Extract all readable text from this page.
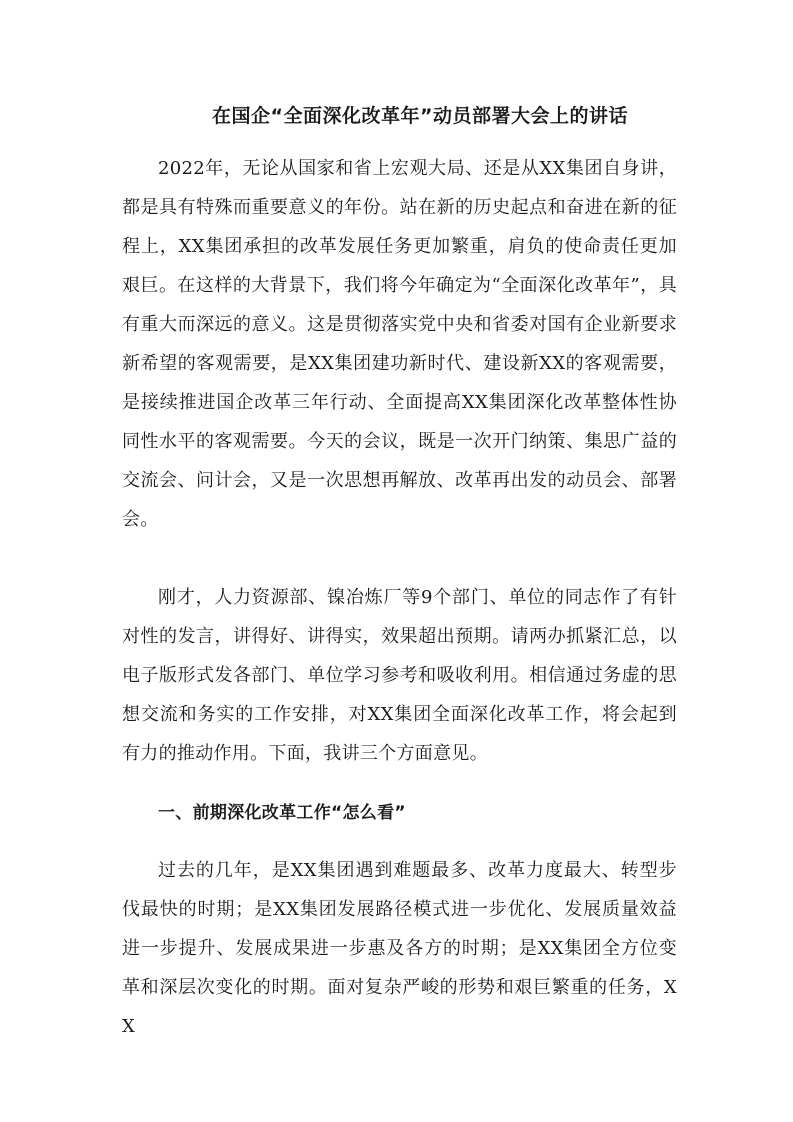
在国企“全面深化改革年”动员部署大会上的讲话

2022年，无论从国家和省上宏观大局、还是从XX集团自身讲，都是具有特殊而重要意义的年份。站在新的历史起点和奋进在新的征程上，XX集团承担的改革发展任务更加繁重，肩负的使命责任更加艰巨。在这样的大背景下，我们将今年确定为“全面深化改革年”，具有重大而深远的意义。这是贯彻落实党中央和省委对国有企业新要求新希望的客观需要，是XX集团建功新时代、建设新XX的客观需要，是接续推进国企改革三年行动、全面提高XX集团深化改革整体性协同性水平的客观需要。今天的会议，既是一次开门纳策、集思广益的交流会、问计会，又是一次思想再解放、改革再出发的动员会、部署会。

刚才，人力资源部、镍冶炼厂等9个部门、单位的同志作了有针对性的发言，讲得好、讲得实，效果超出预期。请两办抓紧汇总，以电子版形式发各部门、单位学习参考和吸收利用。相信通过务虚的思想交流和务实的工作安排，对XX集团全面深化改革工作，将会起到有力的推动作用。下面，我讲三个方面意见。

一、前期深化改革工作“怎么看”

过去的几年，是XX集团遇到难题最多、改革力度最大、转型步伐最快的时期；是XX集团发展路径模式进一步优化、发展质量效益进一步提升、发展成果进一步惠及各方的时期；是XX集团全方位变革和深层次变化的时期。面对复杂严峻的形势和艰巨繁重的任务，XX
